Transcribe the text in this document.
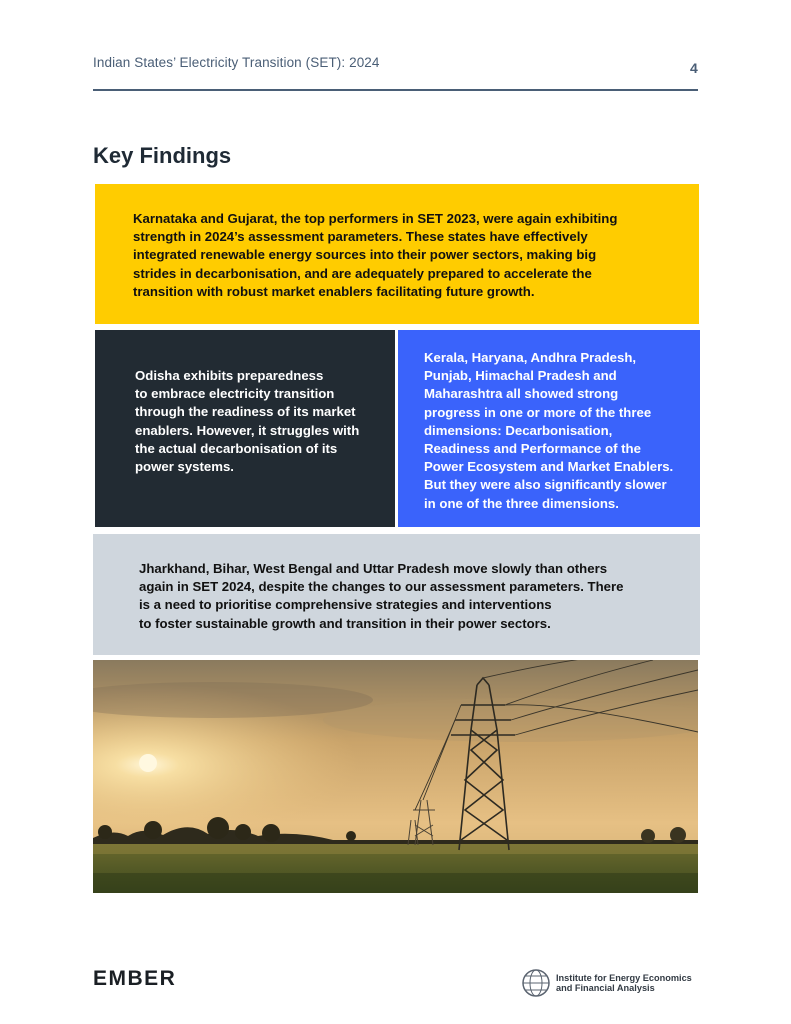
Indian States’ Electricity Transition (SET): 2024	4
Key Findings

Karnataka and Gujarat, the top performers in SET 2023, were again exhibiting

strength in 2024’s assessment parameters. These states have effectively

integrated renewable energy sources into their power sectors, making big

strides in decarbonisation, and are adequately prepared to accelerate the

transition with robust market enablers facilitating future growth.

Odisha exhibits preparedness

to embrace electricity transition

through the readiness of its market

enablers. However, it struggles with

the actual decarbonisation of its

power systems.

Kerala, Haryana, Andhra Pradesh,

Punjab, Himachal Pradesh and

Maharashtra all showed strong

progress in one or more of the three

dimensions: Decarbonisation,

Readiness and Performance of the

Power Ecosystem and Market Enablers.

But they were also significantly slower

in one of the three dimensions.

Jharkhand, Bihar, West Bengal and Uttar Pradesh move slowly than others

again in SET 2024, despite the changes to our assessment parameters. There

is a need to prioritise comprehensive strategies and interventions

to foster sustainable growth and transition in their power sectors.

EMBER	Institute for Energy Economics
and Financial Analysis
